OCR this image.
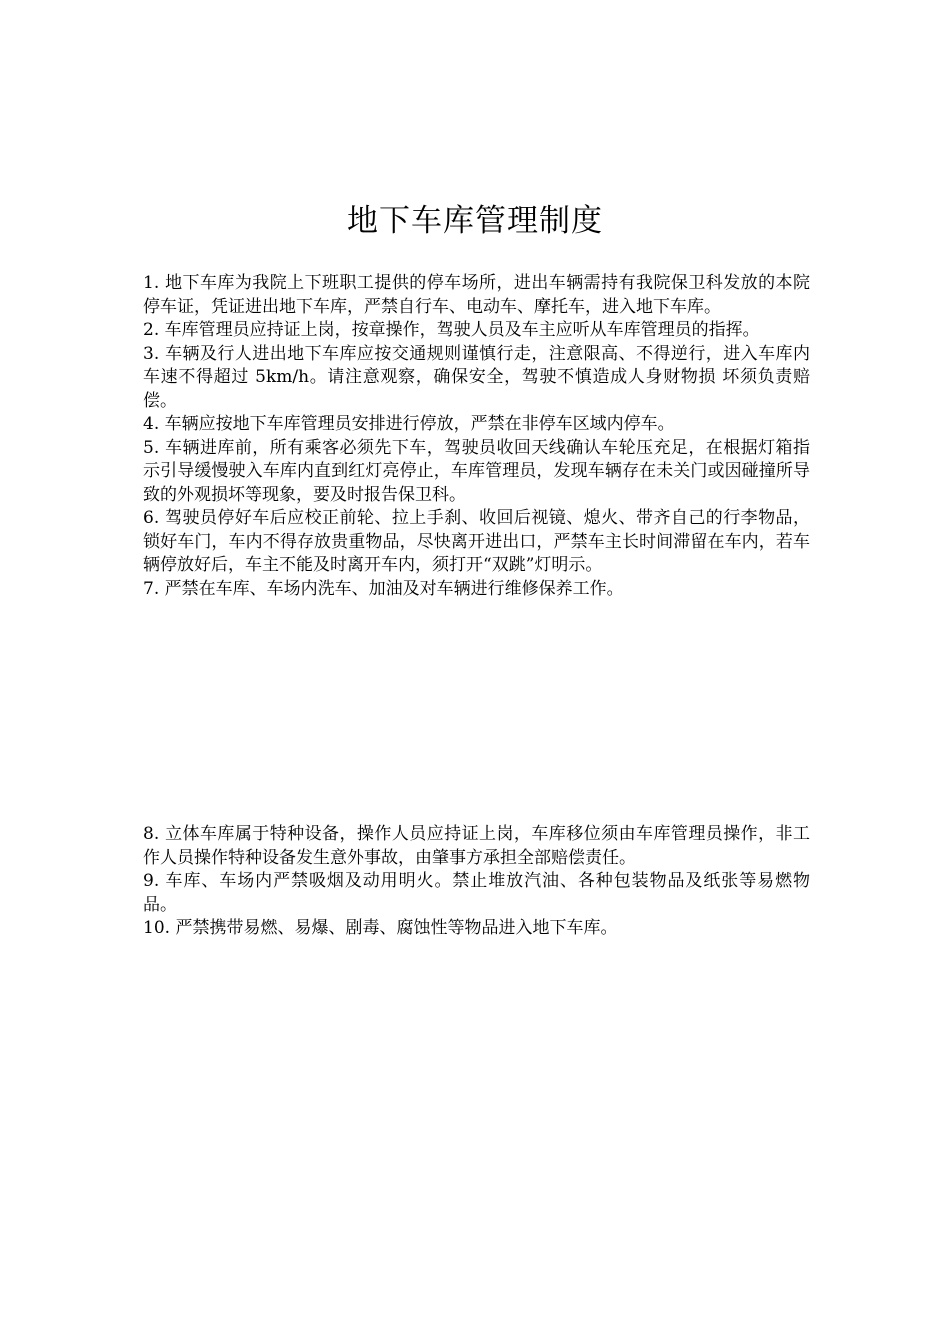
地下车库管理制度

1. 地下车库为我院上下班职工提供的停车场所，进出车辆需持有我院保卫科发放的本院停车证，凭证进出地下车库，严禁自行车、电动车、摩托车，进入地下车库。

2. 车库管理员应持证上岗，按章操作，驾驶人员及车主应听从车库管理员的指挥。

3. 车辆及行人进出地下车库应按交通规则谨慎行走，注意限高、不得逆行，进入车库内车速不得超过 5km/h。请注意观察，确保安全，驾驶不慎造成人身财物损 坏须负责赔偿。

4. 车辆应按地下车库管理员安排进行停放，严禁在非停车区域内停车。

5. 车辆进库前，所有乘客必须先下车，驾驶员收回天线确认车轮压充足，在根据灯箱指示引导缓慢驶入车库内直到红灯亮停止，车库管理员，发现车辆存在未关门或因碰撞所导致的外观损坏等现象，要及时报告保卫科。

6. 驾驶员停好车后应校正前轮、拉上手刹、收回后视镜、熄火、带齐自己的行李物品，锁好车门，车内不得存放贵重物品，尽快离开进出口，严禁车主长时间滞留在车内，若车辆停放好后，车主不能及时离开车内，须打开“双跳”灯明示。

7. 严禁在车库、车场内洗车、加油及对车辆进行维修保养工作。

8. 立体车库属于特种设备，操作人员应持证上岗，车库移位须由车库管理员操作，非工作人员操作特种设备发生意外事故，由肇事方承担全部赔偿责任。

9. 车库、车场内严禁吸烟及动用明火。禁止堆放汽油、各种包装物品及纸张等易燃物品。

10. 严禁携带易燃、易爆、剧毒、腐蚀性等物品进入地下车库。
